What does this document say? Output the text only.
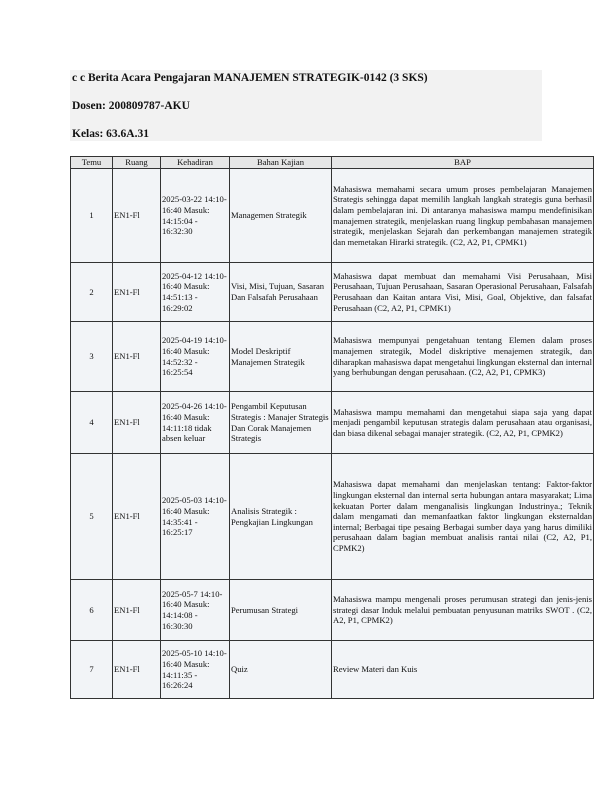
c c Berita Acara Pengajaran MANAJEMEN STRATEGIK-0142 (3 SKS)
Dosen: 200809787-AKU
Kelas: 63.6A.31
Temu	Ruang	Kehadiran	Bahan Kajian	BAP
1	EN1-Fl	2025-03-22 14:10-16:40 Masuk: 14:15:04 - 16:32:30	Managemen Strategik	Mahasiswa memahami secara umum proses pembelajaran Manajemen Strategis sehingga dapat memilih langkah langkah strategis guna berhasil dalam pembelajaran ini. Di antaranya mahasiswa mampu mendefinisikan manajemen strategik, menjelaskan ruang lingkup pembahasan manajemen strategik, menjelaskan Sejarah dan perkembangan manajemen strategik dan memetakan Hirarki strategik. (C2, A2, P1, CPMK1)
2	EN1-Fl	2025-04-12 14:10-16:40 Masuk: 14:51:13 - 16:29:02	Visi, Misi, Tujuan, Sasaran Dan Falsafah Perusahaan	Mahasiswa dapat membuat dan memahami Visi Perusahaan, Misi Perusahaan, Tujuan Perusahaan, Sasaran Operasional Perusahaan, Falsafah Perusahaan dan Kaitan antara Visi, Misi, Goal, Objektive, dan falsafat Perusahaan (C2, A2, P1, CPMK1)
3	EN1-Fl	2025-04-19 14:10-16:40 Masuk: 14:52:32 - 16:25:54	Model Deskriptif Manajemen Strategik	Mahasiswa mempunyai pengetahuan tentang Elemen dalam proses manajemen strategik, Model diskriptive menajemen strategik, dan diharapkan mahasiswa dapat mengetahui lingkungan eksternal dan internal yang berhubungan dengan perusahaan. (C2, A2, P1, CPMK3)
4	EN1-Fl	2025-04-26 14:10-16:40 Masuk: 14:11:18 tidak absen keluar	Pengambil Keputusan Strategis : Manajer Strategis Dan Corak Manajemen Strategis	Mahasiswa mampu memahami dan mengetahui siapa saja yang dapat menjadi pengambil keputusan strategis dalam perusahaan atau organisasi, dan biasa dikenal sebagai manajer strategik. (C2, A2, P1, CPMK2)
5	EN1-Fl	2025-05-03 14:10-16:40 Masuk: 14:35:41 - 16:25:17	Analisis Strategik : Pengkajian Lingkungan	Mahasiswa dapat memahami dan menjelaskan tentang: Faktor-faktor lingkungan eksternal dan internal serta hubungan antara masyarakat; Lima kekuatan Porter dalam menganalisis lingkungan Industrinya.; Teknik dalam mengamati dan memanfaatkan faktor lingkungan eksternaldan internal; Berbagai tipe pesaing Berbagai sumber daya yang harus dimiliki perusahaan dalam bagian membuat analisis rantai nilai (C2, A2, P1, CPMK2)
6	EN1-Fl	2025-05-7 14:10-16:40 Masuk: 14:14:08 - 16:30:30	Perumusan Strategi	Mahasiswa mampu mengenali proses perumusan strategi dan jenis-jenis strategi dasar Induk melalui pembuatan penyusunan matriks SWOT . (C2, A2, P1, CPMK2)
7	EN1-Fl	2025-05-10 14:10-16:40 Masuk: 14:11:35 - 16:26:24	Quiz	Review Materi dan Kuis
